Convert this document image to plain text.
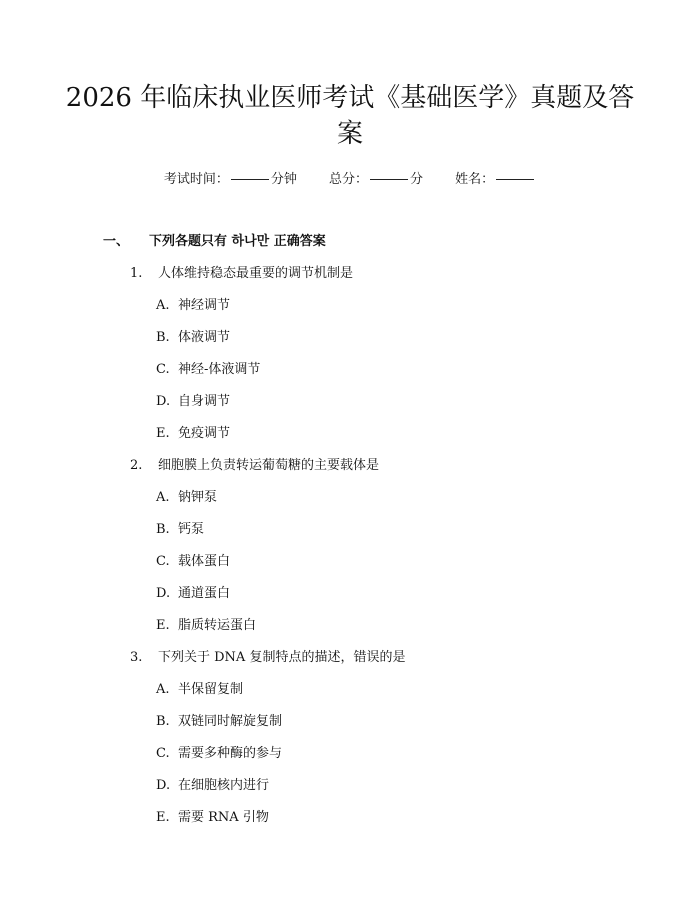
2026 年临床执业医师考试《基础医学》真题及答案
考试时间：	分钟 总分：	分 姓名：
一、 下列各题只有 하나만 正确答案
1. 人体维持稳态最重要的调节机制是
A. 神经调节
B. 体液调节
C. 神经-体液调节
D. 自身调节
E. 免疫调节
2. 细胞膜上负责转运葡萄糖的主要载体是
A. 钠钾泵
B. 钙泵
C. 载体蛋白
D. 通道蛋白
E. 脂质转运蛋白
3. 下列关于 DNA 复制特点的描述，错误的是
A. 半保留复制
B. 双链同时解旋复制
C. 需要多种酶的参与
D. 在细胞核内进行
E. 需要 RNA 引物
